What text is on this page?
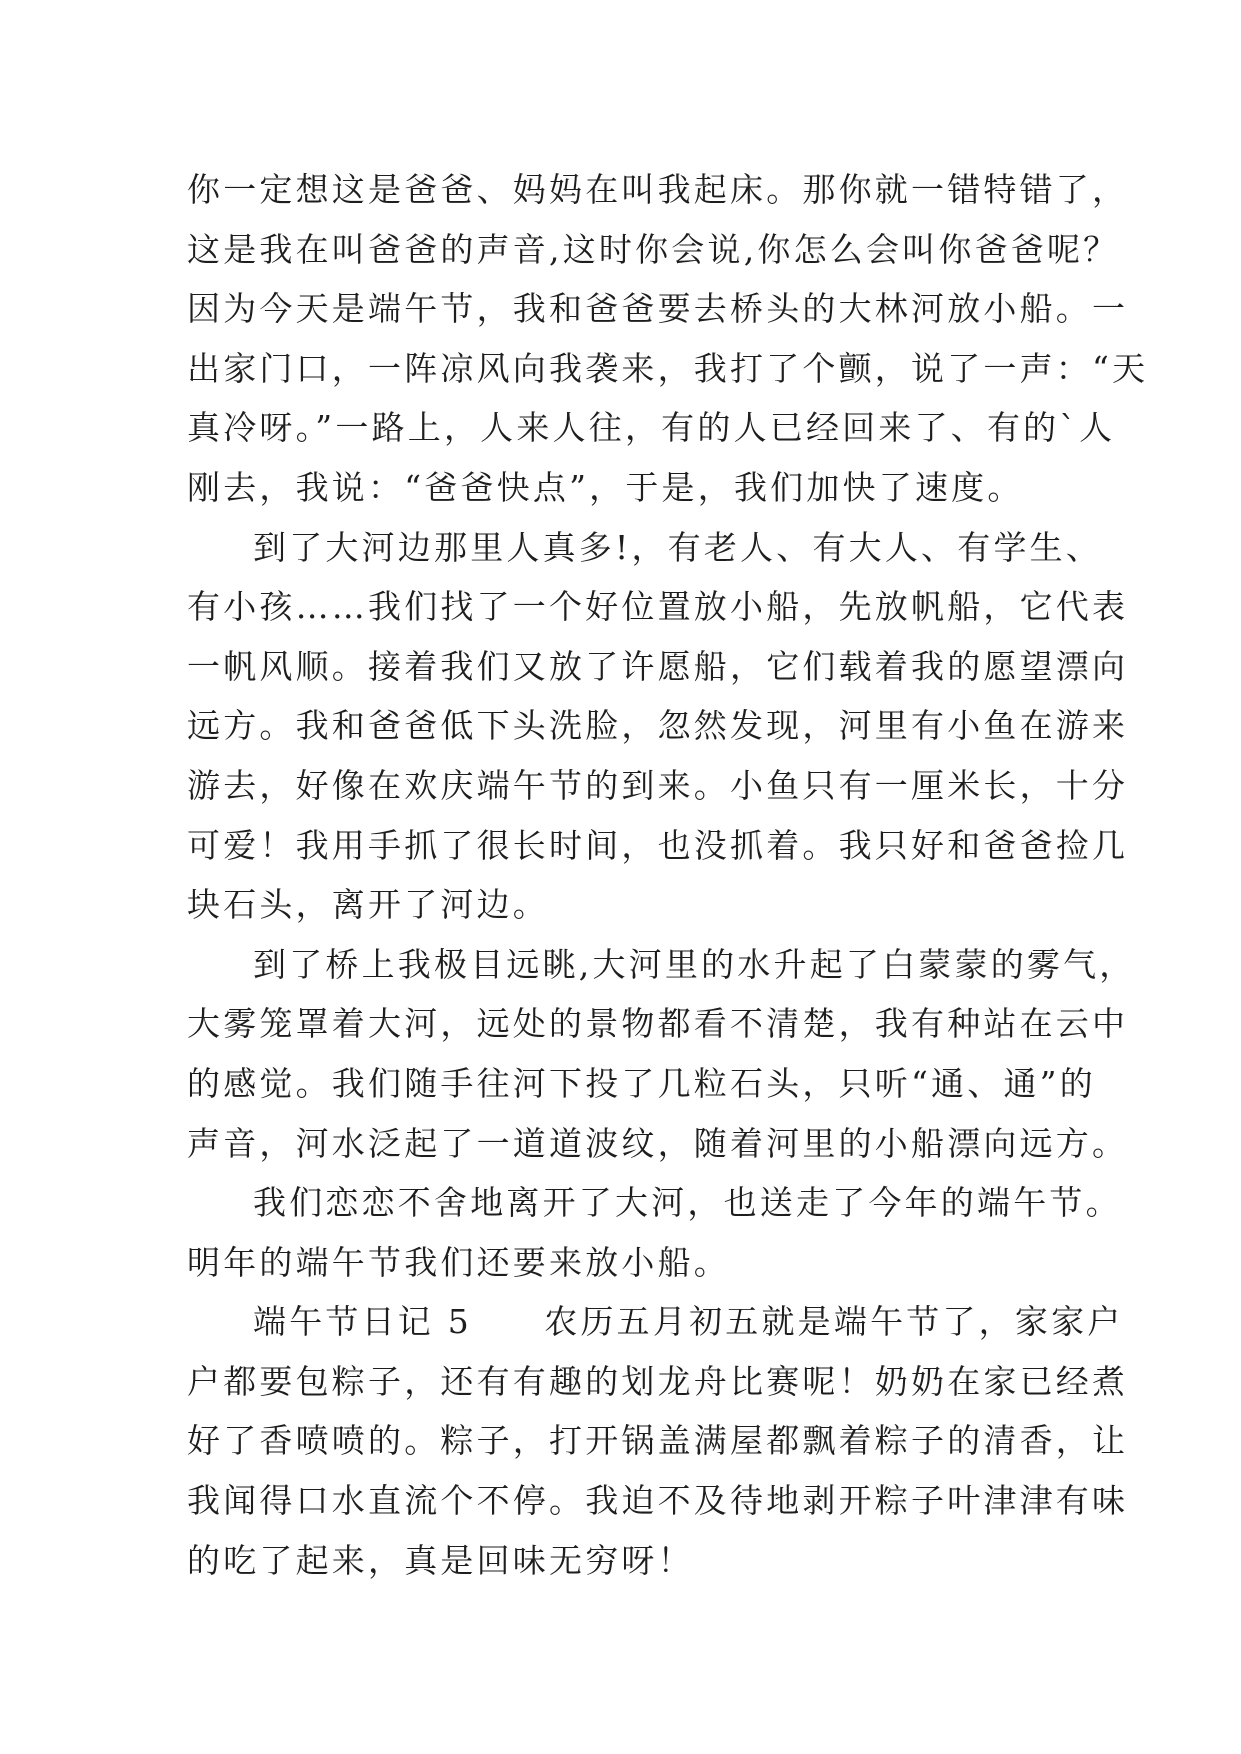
你一定想这是爸爸、妈妈在叫我起床。那你就一错特错了，
这是我在叫爸爸的声音,这时你会说,你怎么会叫你爸爸呢？
因为今天是端午节，我和爸爸要去桥头的大林河放小船。一
出家门口，一阵凉风向我袭来，我打了个颤，说了一声：“天
真冷呀。”一路上，人来人往，有的人已经回来了、有的`人
刚去，我说：“爸爸快点”，于是，我们加快了速度。
到了大河边那里人真多!，有老人、有大人、有学生、
有小孩……我们找了一个好位置放小船，先放帆船，它代表
一帆风顺。接着我们又放了许愿船，它们载着我的愿望漂向
远方。我和爸爸低下头洗脸，忽然发现，河里有小鱼在游来
游去，好像在欢庆端午节的到来。小鱼只有一厘米长，十分
可爱！我用手抓了很长时间，也没抓着。我只好和爸爸捡几
块石头，离开了河边。
到了桥上我极目远眺,大河里的水升起了白蒙蒙的雾气，
大雾笼罩着大河，远处的景物都看不清楚，我有种站在云中
的感觉。我们随手往河下投了几粒石头，只听“通、通”的
声音，河水泛起了一道道波纹，随着河里的小船漂向远方。
我们恋恋不舍地离开了大河，也送走了今年的端午节。
明年的端午节我们还要来放小船。
端午节日记 5　　农历五月初五就是端午节了，家家户
户都要包粽子，还有有趣的划龙舟比赛呢！奶奶在家已经煮
好了香喷喷的。粽子，打开锅盖满屋都飘着粽子的清香，让
我闻得口水直流个不停。我迫不及待地剥开粽子叶津津有味
的吃了起来，真是回味无穷呀！
